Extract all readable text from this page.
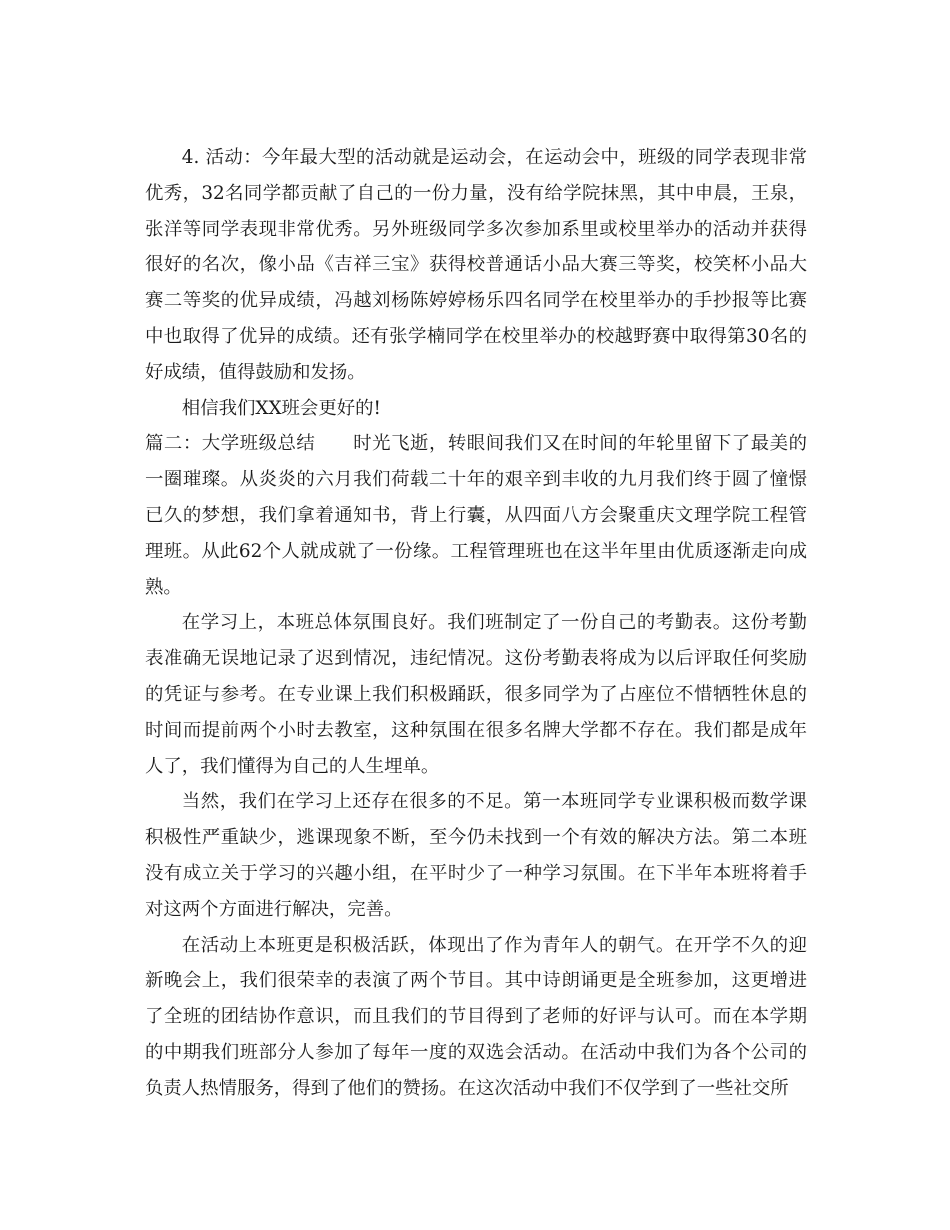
4. 活动：今年最大型的活动就是运动会，在运动会中，班级的同学表现非常优秀，32名同学都贡献了自己的一份力量，没有给学院抹黑，其中申晨，王泉，张洋等同学表现非常优秀。另外班级同学多次参加系里或校里举办的活动并获得很好的名次，像小品《吉祥三宝》获得校普通话小品大赛三等奖，校笑杯小品大赛二等奖的优异成绩，冯越刘杨陈婷婷杨乐四名同学在校里举办的手抄报等比赛中也取得了优异的成绩。还有张学楠同学在校里举办的校越野赛中取得第30名的好成绩，值得鼓励和发扬。

相信我们XX班会更好的!

篇二：大学班级总结　　时光飞逝，转眼间我们又在时间的年轮里留下了最美的一圈璀璨。从炎炎的六月我们荷载二十年的艰辛到丰收的九月我们终于圆了憧憬已久的梦想，我们拿着通知书，背上行囊，从四面八方会聚重庆文理学院工程管理班。从此62个人就成就了一份缘。工程管理班也在这半年里由优质逐渐走向成熟。

在学习上，本班总体氛围良好。我们班制定了一份自己的考勤表。这份考勤表准确无误地记录了迟到情况，违纪情况。这份考勤表将成为以后评取任何奖励的凭证与参考。在专业课上我们积极踊跃，很多同学为了占座位不惜牺牲休息的时间而提前两个小时去教室，这种氛围在很多名牌大学都不存在。我们都是成年人了，我们懂得为自己的人生埋单。

当然，我们在学习上还存在很多的不足。第一本班同学专业课积极而数学课积极性严重缺少，逃课现象不断，至今仍未找到一个有效的解决方法。第二本班没有成立关于学习的兴趣小组，在平时少了一种学习氛围。在下半年本班将着手对这两个方面进行解决，完善。

在活动上本班更是积极活跃，体现出了作为青年人的朝气。在开学不久的迎新晚会上，我们很荣幸的表演了两个节目。其中诗朗诵更是全班参加，这更增进了全班的团结协作意识，而且我们的节目得到了老师的好评与认可。而在本学期的中期我们班部分人参加了每年一度的双选会活动。在活动中我们为各个公司的负责人热情服务，得到了他们的赞扬。在这次活动中我们不仅学到了一些社交所
